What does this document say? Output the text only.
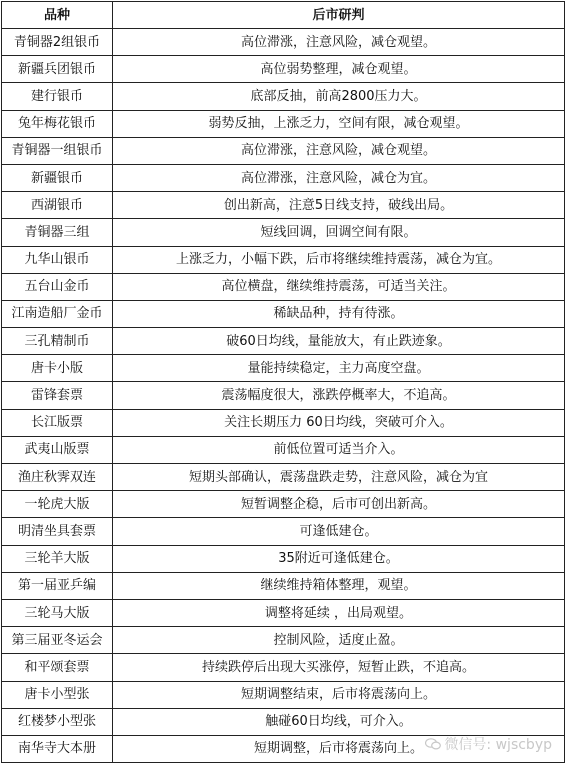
品种	后市研判
青铜器2组银币	高位滞涨，注意风险，减仓观望。
新疆兵团银币	高位弱势整理，减仓观望。
建行银币	底部反抽，前高2800压力大。
兔年梅花银币	弱势反抽，上涨乏力，空间有限，减仓观望。
青铜器一组银币	高位滞涨，注意风险，减仓观望。
新疆银币	高位滞涨，注意风险，减仓为宜。
西湖银币	创出新高，注意5日线支持，破线出局。
青铜器三组	短线回调，回调空间有限。
九华山银币	上涨乏力，小幅下跌，后市将继续维持震荡，减仓为宜。
五台山金币	高位横盘，继续维持震荡，可适当关注。
江南造船厂金币	稀缺品种，持有待涨。
三孔精制币	破60日均线，量能放大，有止跌迹象。
唐卡小版	量能持续稳定，主力高度空盘。
雷锋套票	震荡幅度很大，涨跌停概率大，不追高。
长江版票	关注长期压力 60日均线，突破可介入。
武夷山版票	前低位置可适当介入。
渔庄秋霁双连	短期头部确认，震荡盘跌走势，注意风险，减仓为宜
一轮虎大版	短暂调整企稳，后市可创出新高。
明清坐具套票	可逢低建仓。
三轮羊大版	35附近可逢低建仓。
第一届亚乒编	继续维持箱体整理，观望。
三轮马大版	调整将延续 ，出局观望。
第三届亚冬运会	控制风险，适度止盈。
和平颂套票	持续跌停后出现大买涨停，短暂止跌，不追高。
唐卡小型张	短期调整结束，后市将震荡向上。
红楼梦小型张	触碰60日均线，可介入。
南华寺大本册	短期调整，后市将震荡向上。	微信号: wjscbyp
